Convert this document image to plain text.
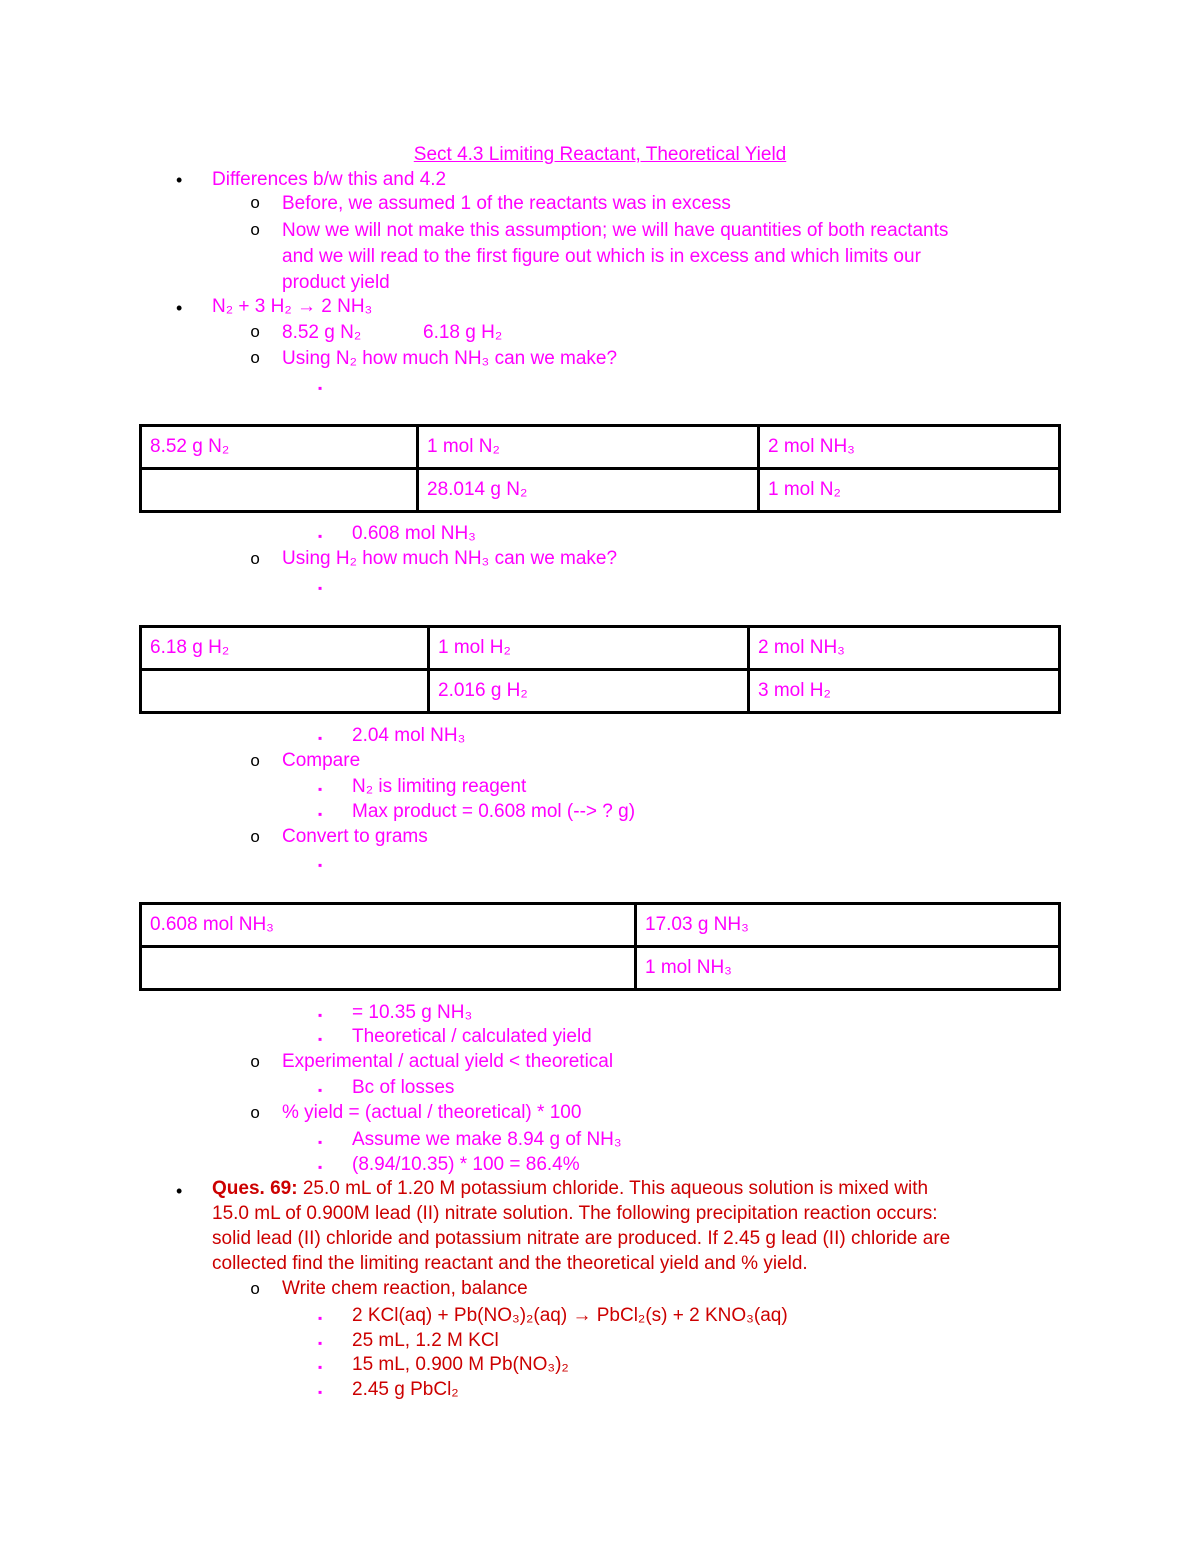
Sect 4.3 Limiting Reactant, Theoretical Yield
• Differences b/w this and 4.2
o Before, we assumed 1 of the reactants was in excess
o Now we will not make this assumption; we will have quantities of both reactants
and we will read to the first figure out which is in excess and which limits our
product yield
• N₂ + 3 H₂ → 2 NH₃
o 8.52 g N₂	6.18 g H₂
o Using N₂ how much NH₃ can we make?
▪
8.52 g N₂	1 mol N₂	2 mol NH₃
	28.014 g N₂	1 mol N₂
▪ 0.608 mol NH₃
o Using H₂ how much NH₃ can we make?
▪
6.18 g H₂	1 mol H₂	2 mol NH₃
	2.016 g H₂	3 mol H₂
▪ 2.04 mol NH₃
o Compare
▪ N₂ is limiting reagent
▪ Max product = 0.608 mol (--> ? g)
o Convert to grams
▪
0.608 mol NH₃	17.03 g NH₃
	1 mol NH₃
▪ = 10.35 g NH₃
▪ Theoretical / calculated yield
o Experimental / actual yield < theoretical
▪ Bc of losses
o % yield = (actual / theoretical) * 100
▪ Assume we make 8.94 g of NH₃
▪ (8.94/10.35) * 100 = 86.4%
• Ques. 69: 25.0 mL of 1.20 M potassium chloride. This aqueous solution is mixed with
15.0 mL of 0.900M lead (II) nitrate solution. The following precipitation reaction occurs:
solid lead (II) chloride and potassium nitrate are produced. If 2.45 g lead (II) chloride are
collected find the limiting reactant and the theoretical yield and % yield.
o Write chem reaction, balance
▪ 2 KCl(aq) + Pb(NO₃)₂(aq) → PbCl₂(s) + 2 KNO₃(aq)
▪ 25 mL, 1.2 M KCl
▪ 15 mL, 0.900 M Pb(NO₃)₂
▪ 2.45 g PbCl₂
